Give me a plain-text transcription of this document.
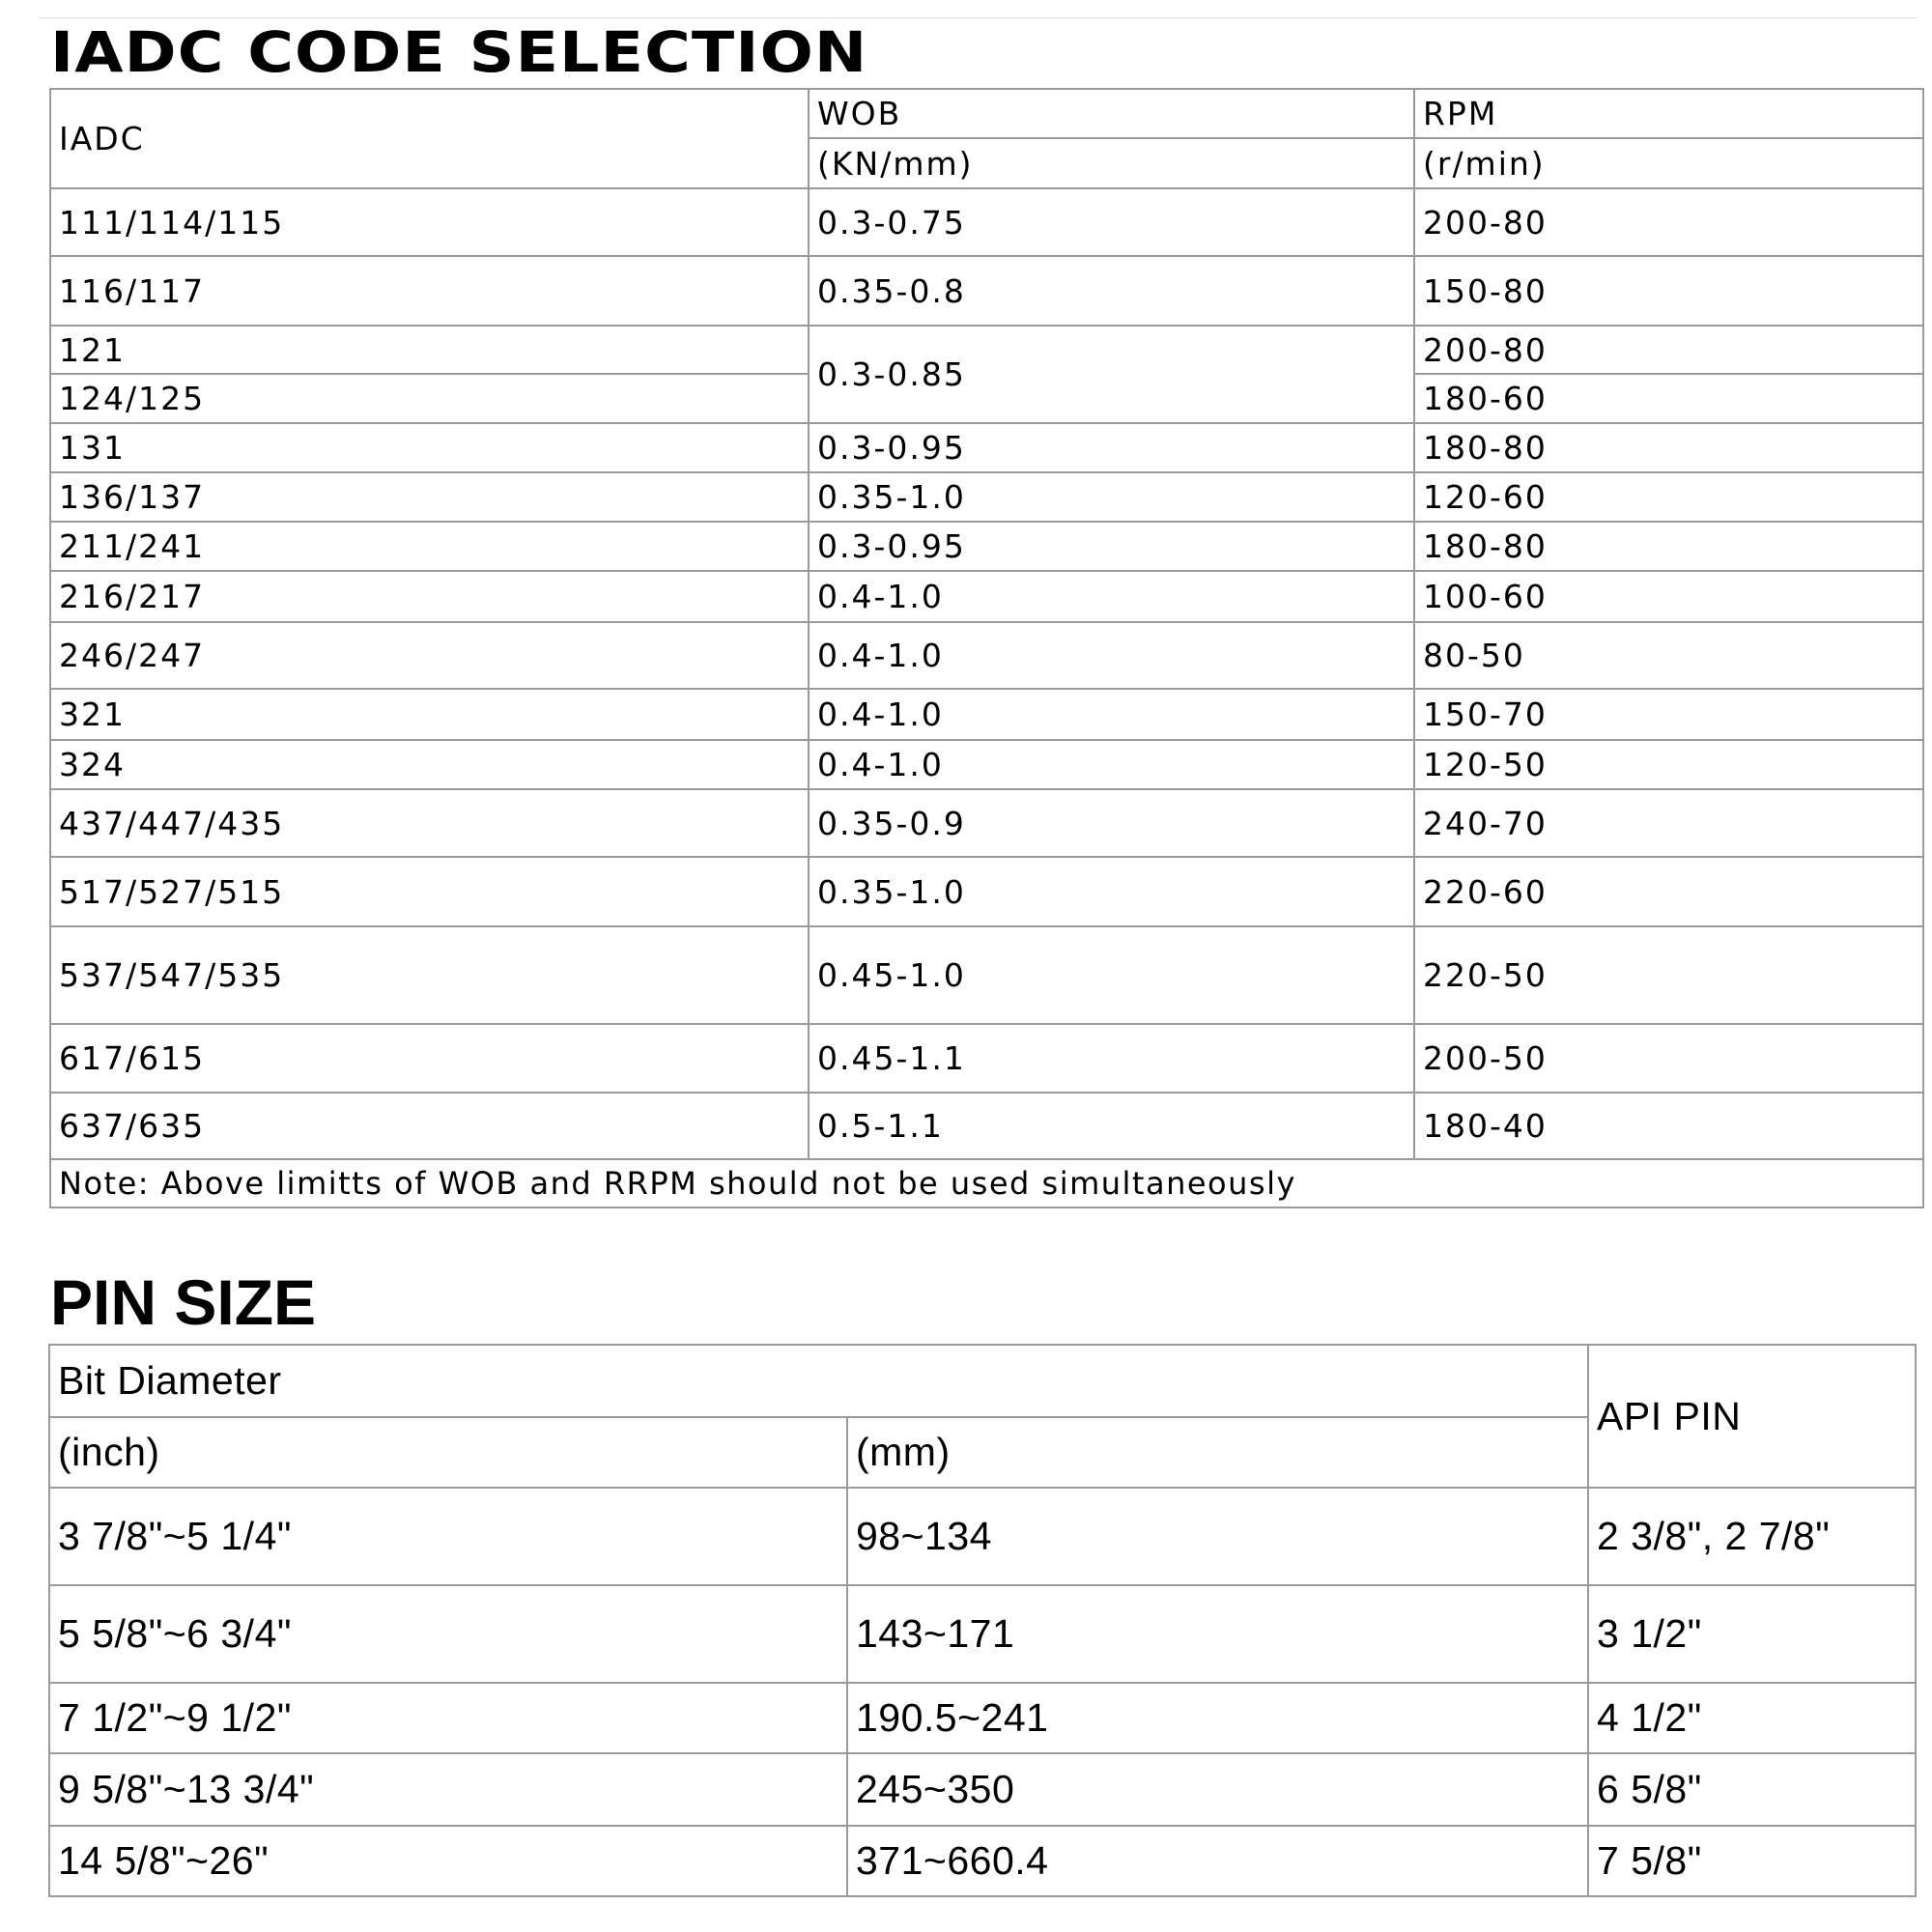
IADC CODE SELECTION
IADC	WOB	RPM
	(KN/mm)	(r/min)
111/114/115	0.3-0.75	200-80
116/117	0.35-0.8	150-80
121	0.3-0.85	200-80
124/125		180-60
131	0.3-0.95	180-80
136/137	0.35-1.0	120-60
211/241	0.3-0.95	180-80
216/217	0.4-1.0	100-60
246/247	0.4-1.0	80-50
321	0.4-1.0	150-70
324	0.4-1.0	120-50
437/447/435	0.35-0.9	240-70
517/527/515	0.35-1.0	220-60
537/547/535	0.45-1.0	220-50
617/615	0.45-1.1	200-50
637/635	0.5-1.1	180-40
Note: Above limitts of WOB and RRPM should not be used simultaneously		
PIN SIZE
Bit Diameter		API PIN
(inch)	(mm)	
3 7/8"~5 1/4"	98~134	2 3/8", 2 7/8"
5 5/8"~6 3/4"	143~171	3 1/2"
7 1/2"~9 1/2"	190.5~241	4 1/2"
9 5/8"~13 3/4"	245~350	6 5/8"
14 5/8"~26"	371~660.4	7 5/8"
